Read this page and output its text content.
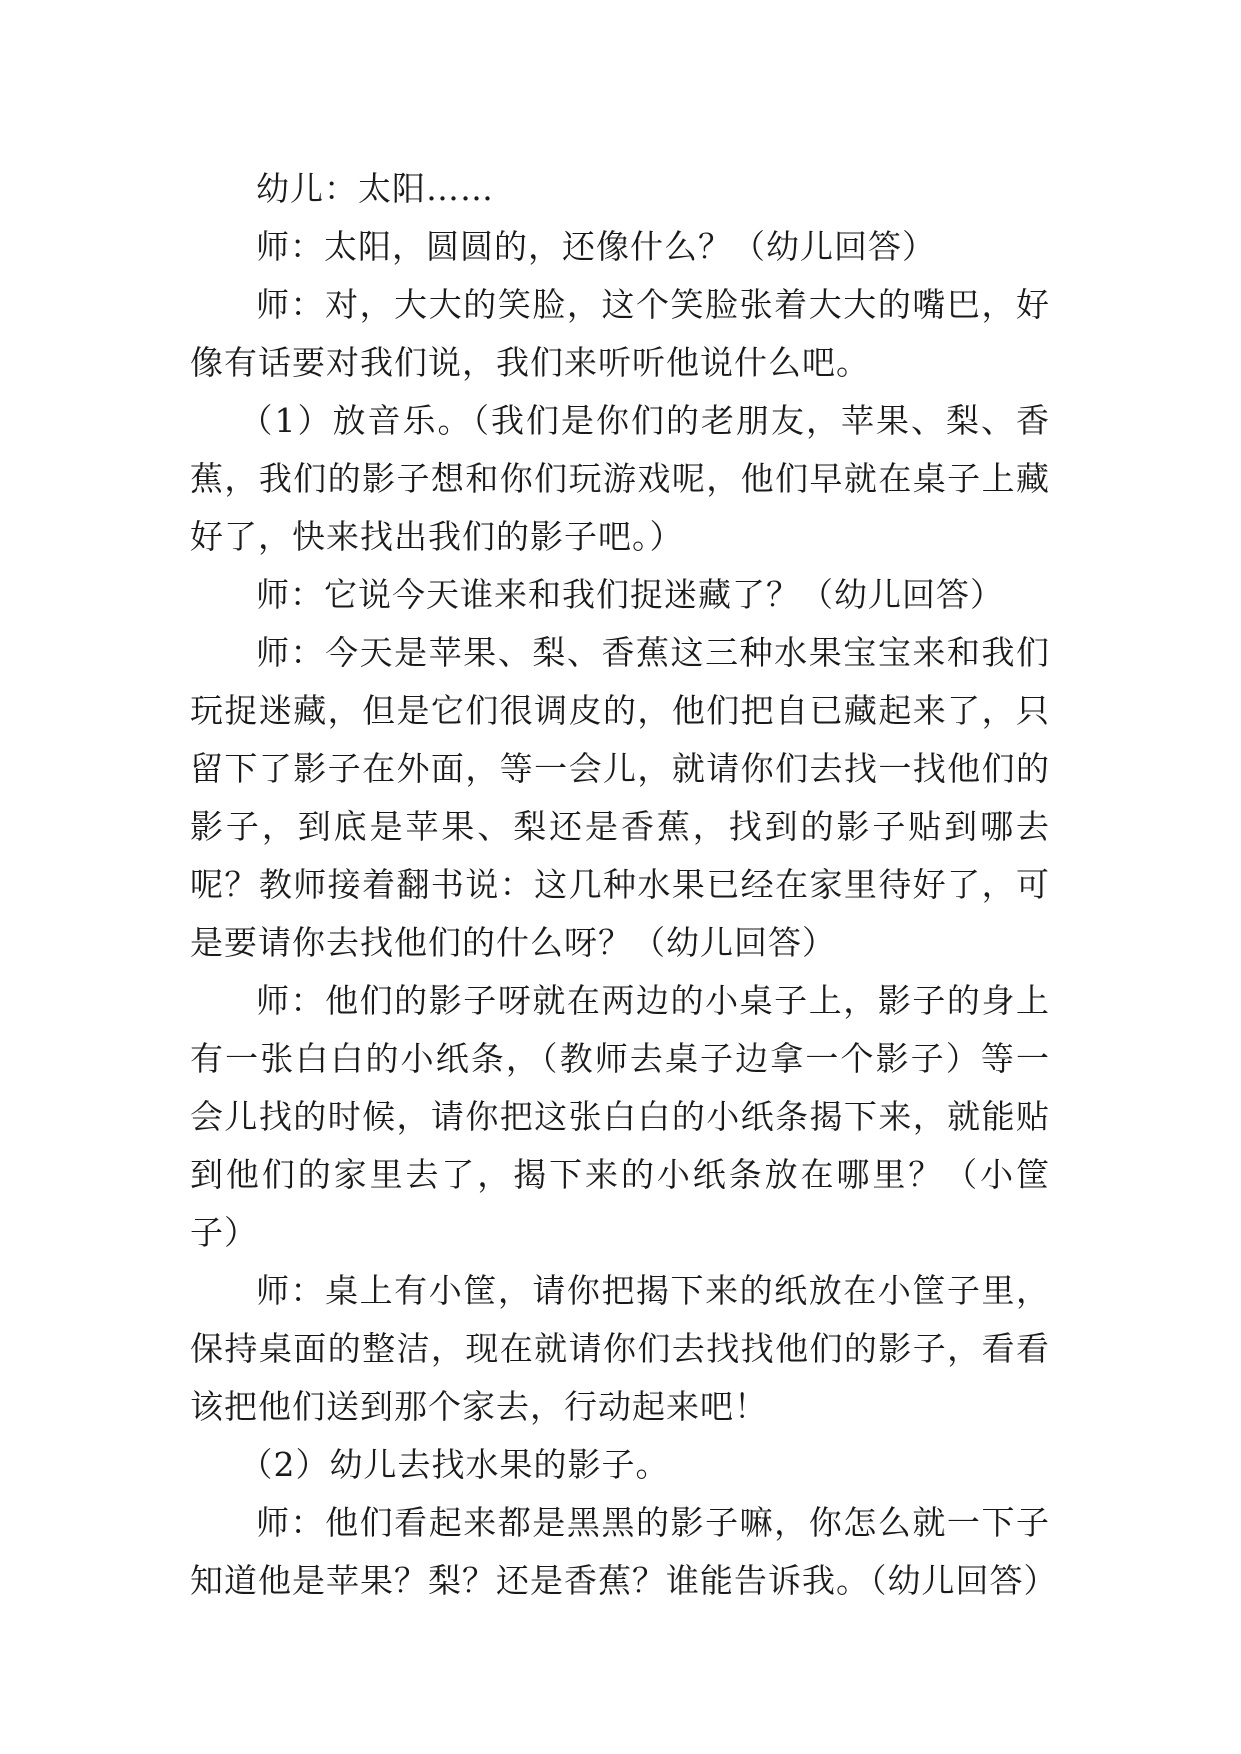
幼儿：太阳……

师：太阳，圆圆的，还像什么？（幼儿回答）

师：对，大大的笑脸，这个笑脸张着大大的嘴巴，好像有话要对我们说，我们来听听他说什么吧。

（1）放音乐。（我们是你们的老朋友，苹果、梨、香蕉，我们的影子想和你们玩游戏呢，他们早就在桌子上藏好了，快来找出我们的影子吧。）

师：它说今天谁来和我们捉迷藏了？（幼儿回答）

师：今天是苹果、梨、香蕉这三种水果宝宝来和我们玩捉迷藏，但是它们很调皮的，他们把自已藏起来了，只留下了影子在外面，等一会儿，就请你们去找一找他们的影子，到底是苹果、梨还是香蕉，找到的影子贴到哪去呢？教师接着翻书说：这几种水果已经在家里待好了，可是要请你去找他们的什么呀？（幼儿回答）

师：他们的影子呀就在两边的小桌子上，影子的身上有一张白白的小纸条，（教师去桌子边拿一个影子）等一会儿找的时候，请你把这张白白的小纸条揭下来，就能贴到他们的家里去了，揭下来的小纸条放在哪里？（小筐子）

师：桌上有小筐，请你把揭下来的纸放在小筐子里，保持桌面的整洁，现在就请你们去找找他们的影子，看看该把他们送到那个家去，行动起来吧！

（2）幼儿去找水果的影子。

师：他们看起来都是黑黑的影子嘛，你怎么就一下子知道他是苹果？梨？还是香蕉？谁能告诉我。（幼儿回答）
